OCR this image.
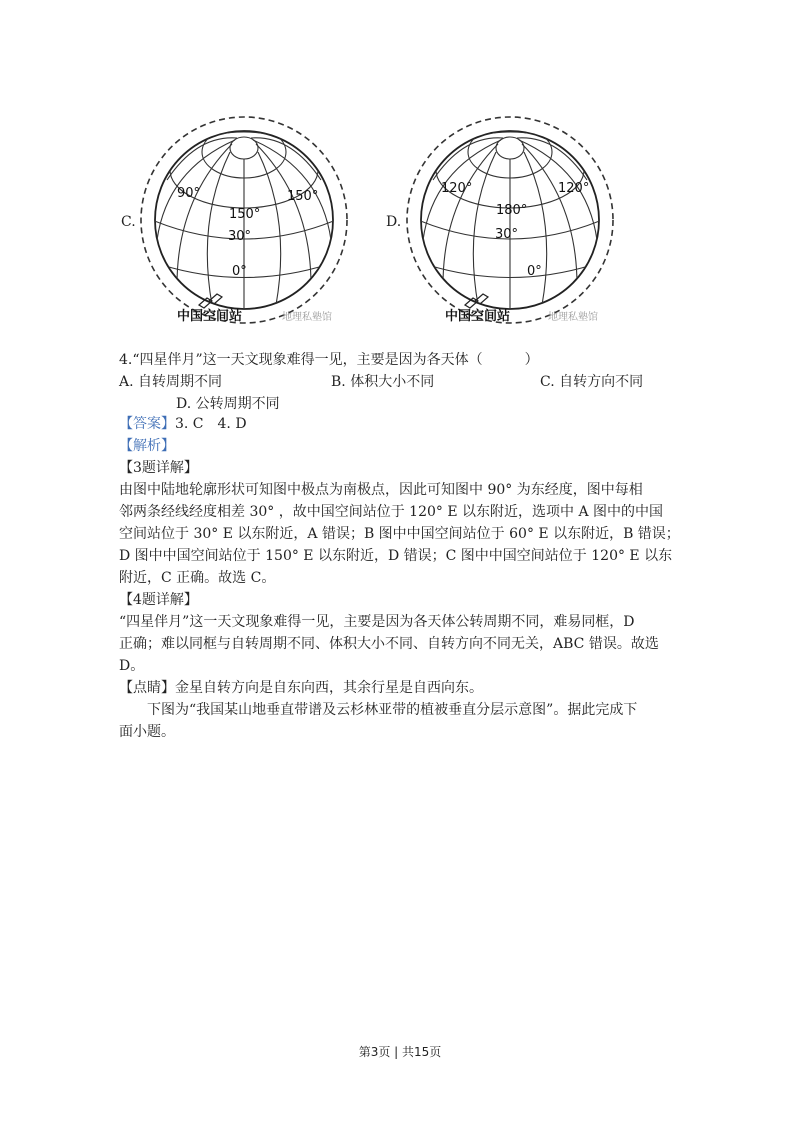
90°	150°
150°
30°
0°
中国空间站	地理私塾馆
C.
120°	120°
180°
30°
0°
中国空间站	地理私塾馆
D.
4.“四星伴月”这一天文现象难得一见，主要是因为各天体（　　　）
A. 自转周期不同	B. 体积大小不同	C. 自转方向不同
D. 公转周期不同
【答案】3. C　4. D
【解析】
【3题详解】
由图中陆地轮廓形状可知图中极点为南极点，因此可知图中 90° 为东经度，图中每相
邻两条经线经度相差 30° ，故中国空间站位于 120° E 以东附近，选项中 A 图中的中国
空间站位于 30° E 以东附近，A 错误；B 图中中国空间站位于 60° E 以东附近，B 错误；
D 图中中国空间站位于 150° E 以东附近，D 错误；C 图中中国空间站位于 120° E 以东
附近，C 正确。故选 C。
【4题详解】
“四星伴月”这一天文现象难得一见，主要是因为各天体公转周期不同，难易同框，D
正确；难以同框与自转周期不同、体积大小不同、自转方向不同无关，ABC 错误。故选
D。
【点睛】金星自转方向是自东向西，其余行星是自西向东。
下图为“我国某山地垂直带谱及云杉林亚带的植被垂直分层示意图”。据此完成下
面小题。
第3页 | 共15页
